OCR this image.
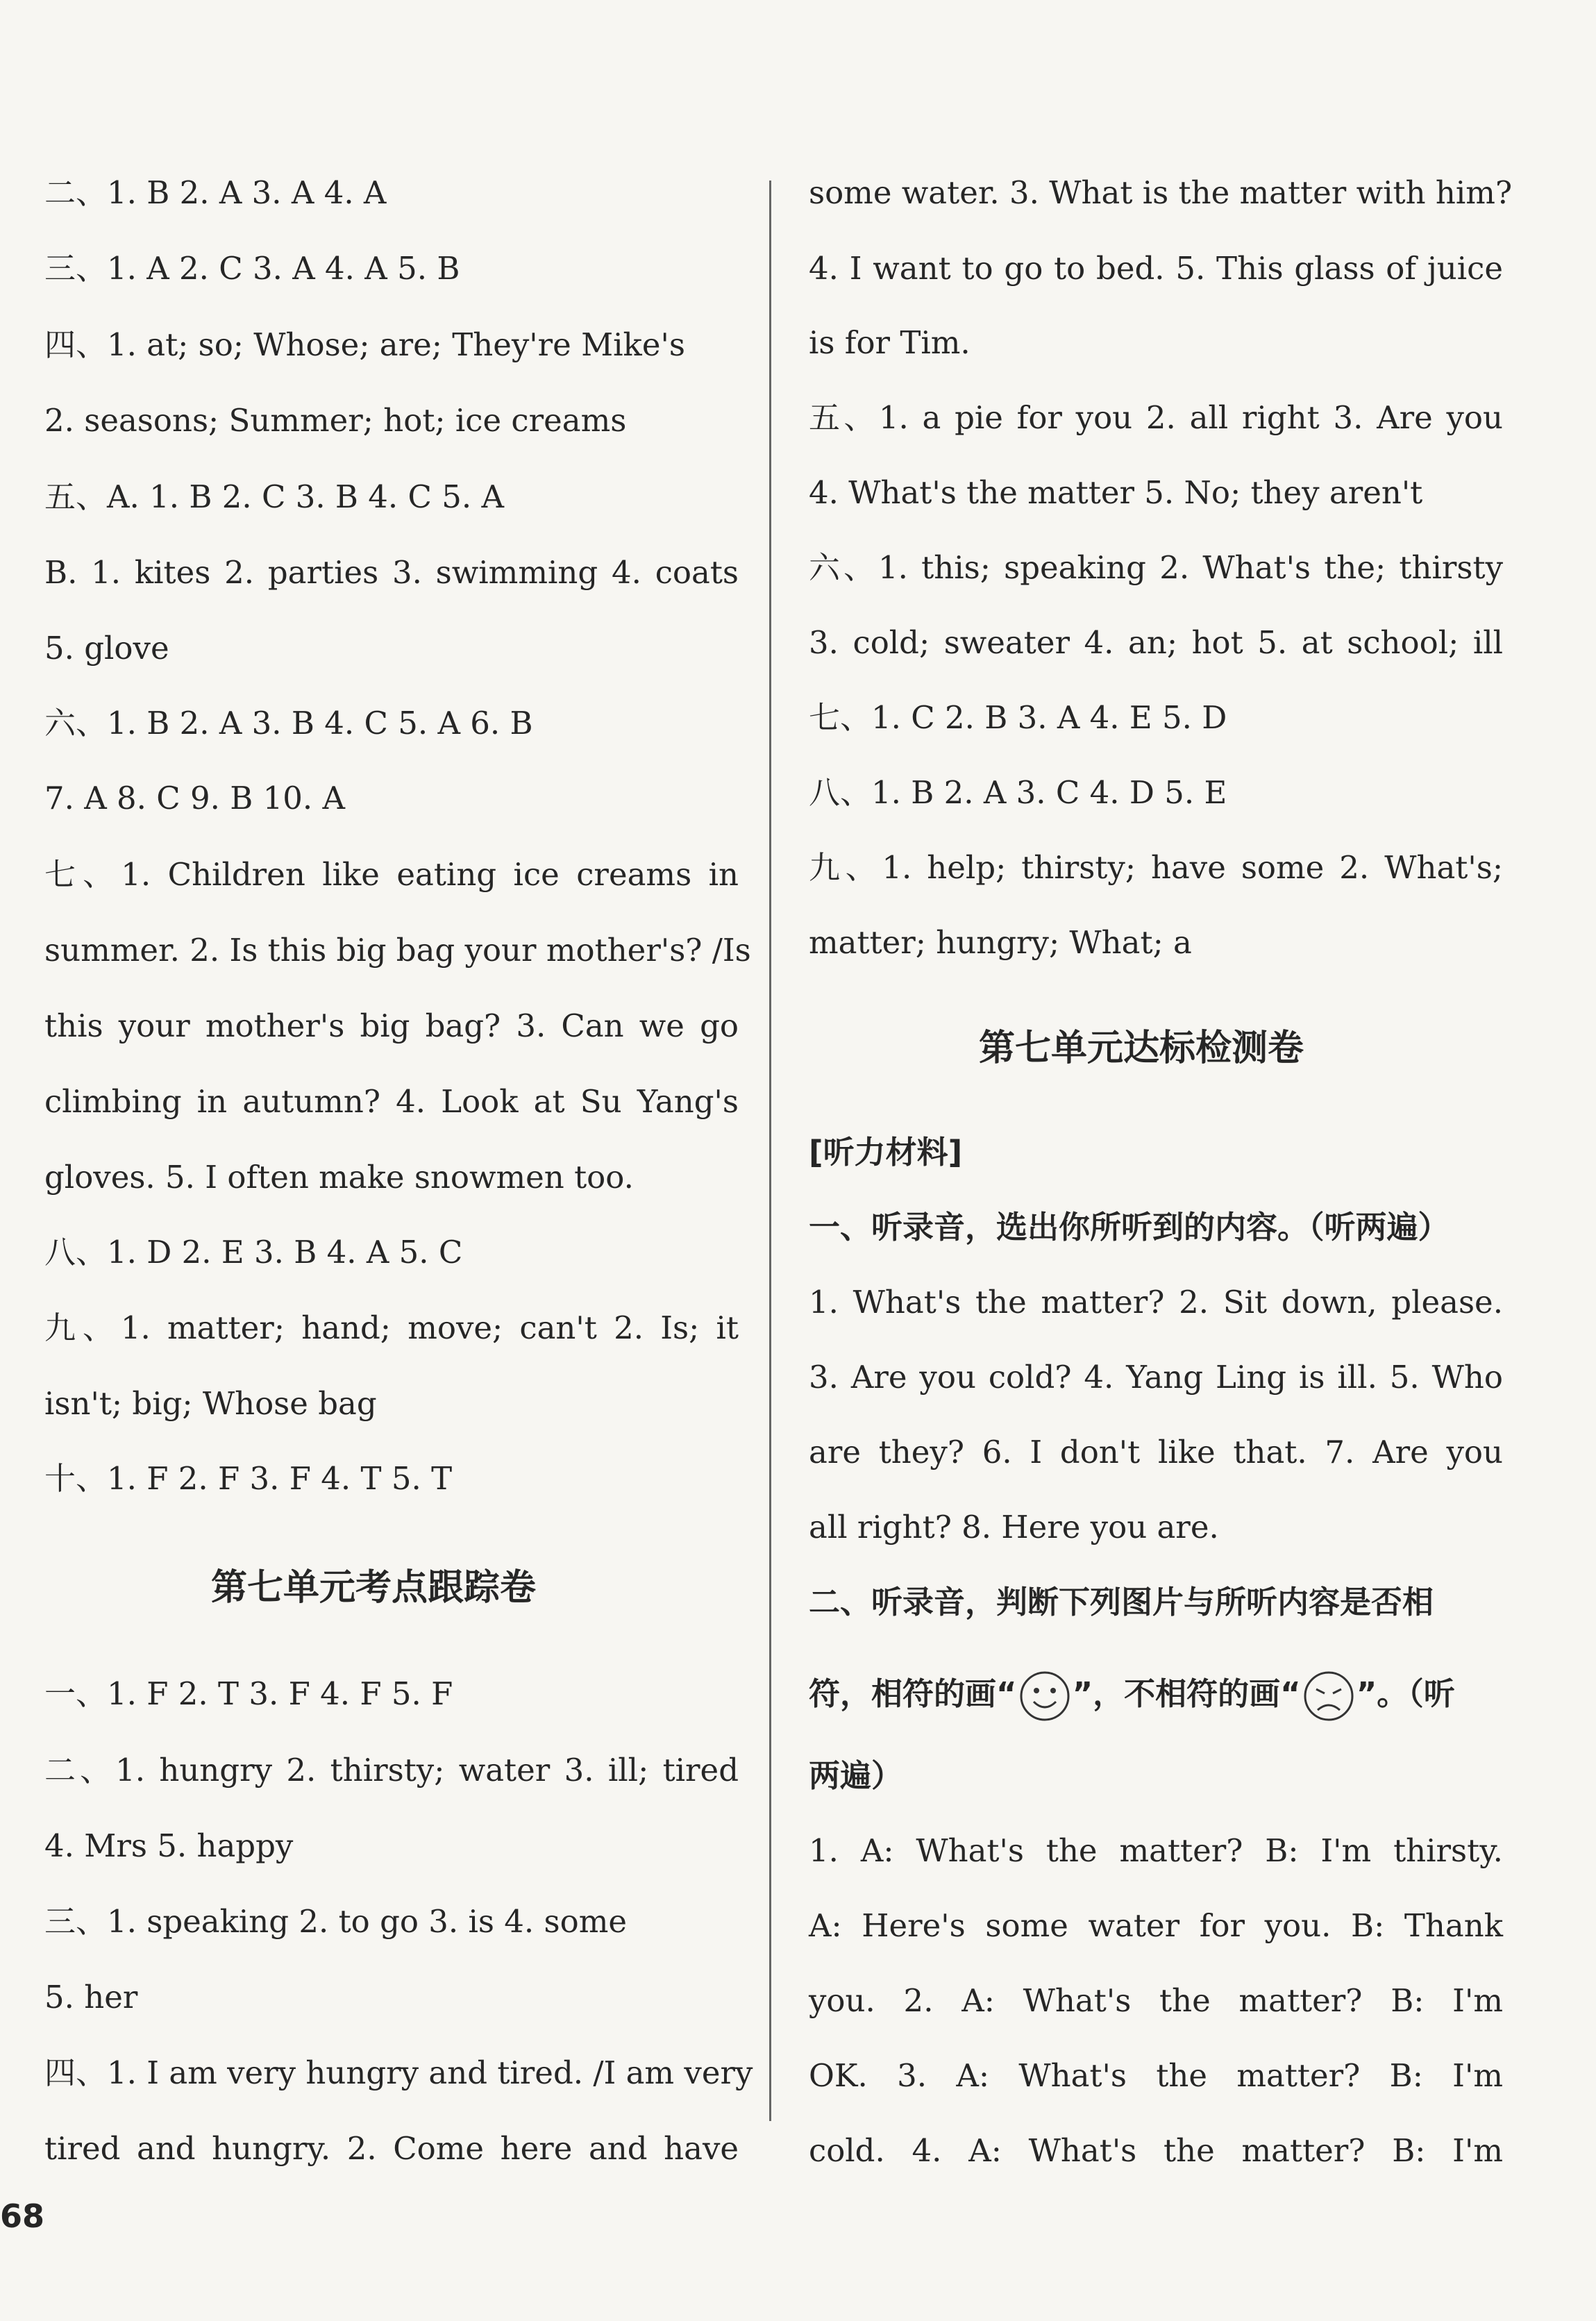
二、1. B 2. A 3. A 4. A
三、1. A 2. C 3. A 4. A 5. B
四、1. at; so; Whose; are; They're Mike's
2. seasons; Summer; hot; ice creams
五、A. 1. B 2. C 3. B 4. C 5. A
B. 1. kites 2. parties 3. swimming 4. coats
5. glove
六、1. B 2. A 3. B 4. C 5. A 6. B
7. A 8. C 9. B 10. A
七、1. Children like eating ice creams in
summer. 2. Is this big bag your mother's? /Is
this your mother's big bag? 3. Can we go
climbing in autumn? 4. Look at Su Yang's
gloves. 5. I often make snowmen too.
八、1. D 2. E 3. B 4. A 5. C
九、1. matter; hand; move; can't 2. Is; it
isn't; big; Whose bag
十、1. F 2. F 3. F 4. T 5. T
第七单元考点跟踪卷
一、1. F 2. T 3. F 4. F 5. F
二、1. hungry 2. thirsty; water 3. ill; tired
4. Mrs 5. happy
三、1. speaking 2. to go 3. is 4. some
5. her
四、1. I am very hungry and tired. /I am very
tired and hungry. 2. Come here and have
some water. 3. What is the matter with him?
4. I want to go to bed. 5. This glass of juice
is for Tim.
五、1. a pie for you 2. all right 3. Are you
4. What's the matter 5. No; they aren't
六、1. this; speaking 2. What's the; thirsty
3. cold; sweater 4. an; hot 5. at school; ill
七、1. C 2. B 3. A 4. E 5. D
八、1. B 2. A 3. C 4. D 5. E
九、1. help; thirsty; have some 2. What's;
matter; hungry; What; a
第七单元达标检测卷
[听力材料]
一、听录音，选出你所听到的内容。（听两遍）
1. What's the matter? 2. Sit down, please.
3. Are you cold? 4. Yang Ling is ill. 5. Who
are they? 6. I don't like that. 7. Are you
all right? 8. Here you are.
二、听录音，判断下列图片与所听内容是否相
符，相符的画“ ”，不相符的画“ ”。（听
两遍）
1. A: What's the matter? B: I'm thirsty.
A: Here's some water for you. B: Thank
you. 2. A: What's the matter? B: I'm
OK. 3. A: What's the matter? B: I'm
cold. 4. A: What's the matter? B: I'm
68
